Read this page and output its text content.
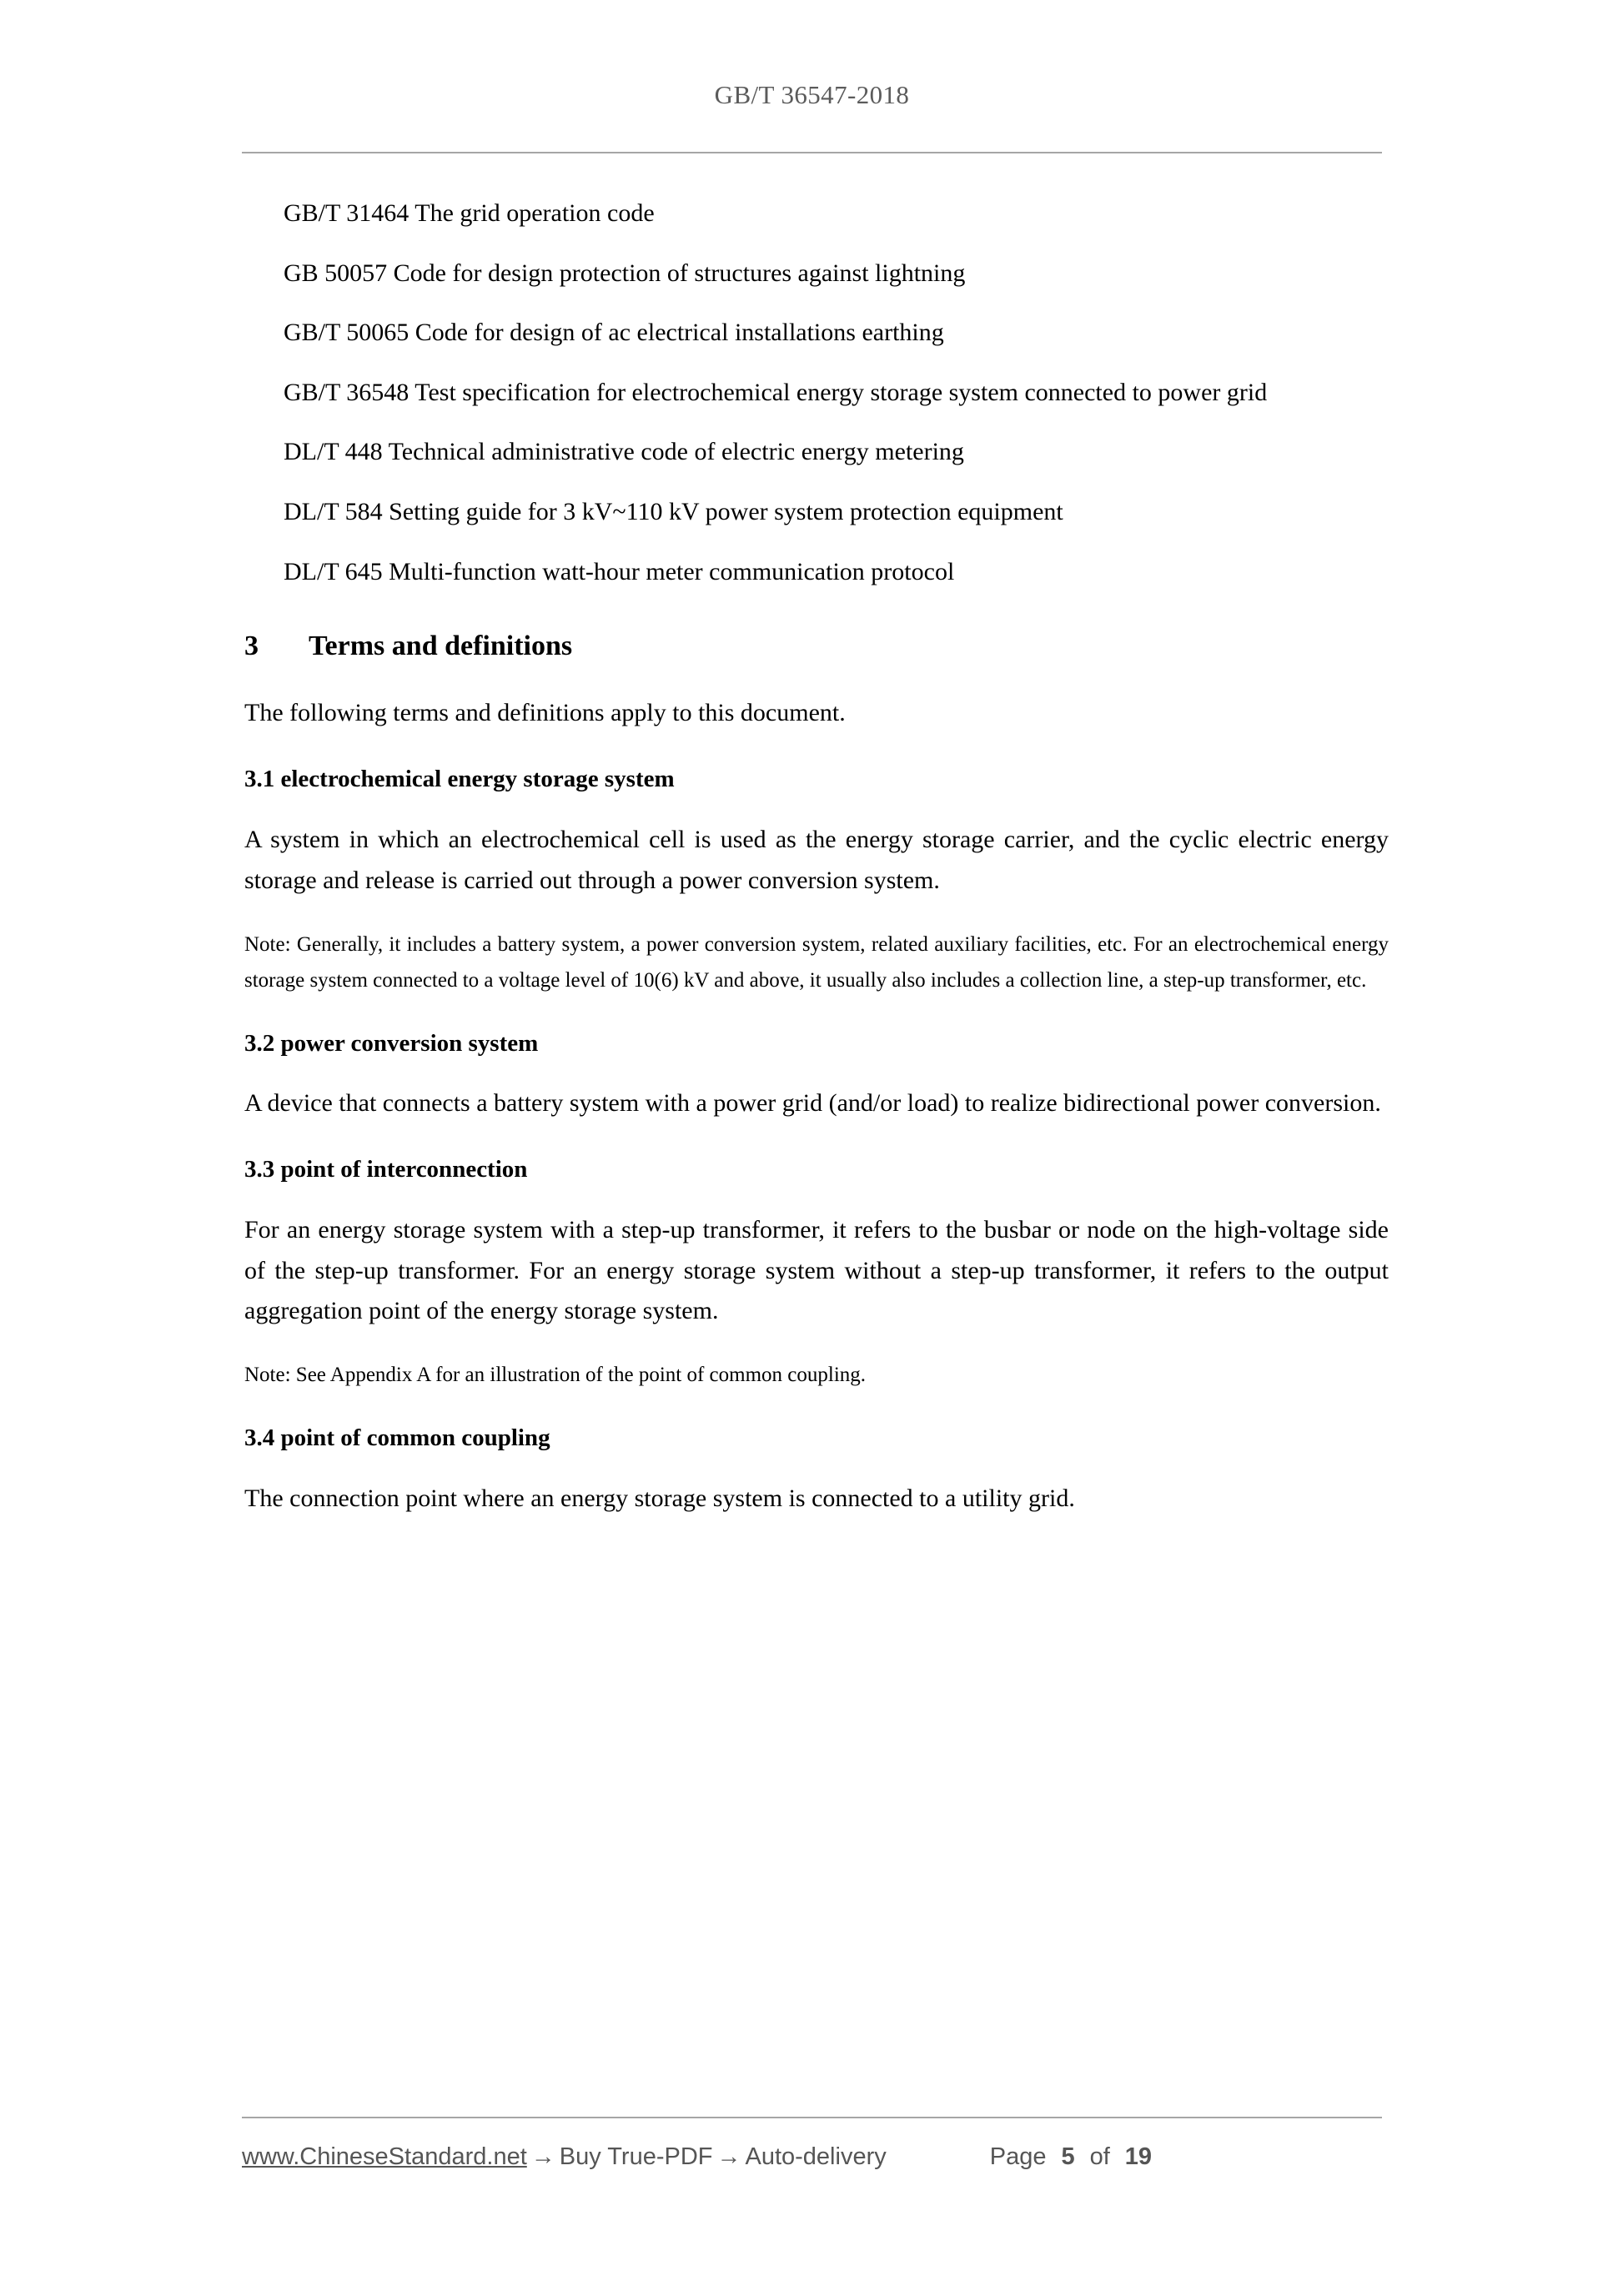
GB/T 36547-2018
GB/T 31464 The grid operation code
GB 50057 Code for design protection of structures against lightning
GB/T 50065 Code for design of ac electrical installations earthing
GB/T 36548 Test specification for electrochemical energy storage system connected to power grid
DL/T 448 Technical administrative code of electric energy metering
DL/T 584 Setting guide for 3 kV~110 kV power system protection equipment
DL/T 645 Multi-function watt-hour meter communication protocol
3	Terms and definitions

The following terms and definitions apply to this document.

3.1 electrochemical energy storage system

A system in which an electrochemical cell is used as the energy storage carrier, and the cyclic electric energy storage and release is carried out through a power conversion system.

Note: Generally, it includes a battery system, a power conversion system, related auxiliary facilities, etc. For an electrochemical energy storage system connected to a voltage level of 10(6) kV and above, it usually also includes a collection line, a step-up transformer, etc.

3.2 power conversion system

A device that connects a battery system with a power grid (and/or load) to realize bidirectional power conversion.

3.3 point of interconnection

For an energy storage system with a step-up transformer, it refers to the busbar or node on the high-voltage side of the step-up transformer. For an energy storage system without a step-up transformer, it refers to the output aggregation point of the energy storage system.

Note: See Appendix A for an illustration of the point of common coupling.

3.4 point of common coupling

The connection point where an energy storage system is connected to a utility grid.

www.ChineseStandard.net → Buy True-PDF → Auto-delivery	Page 5 of 19
